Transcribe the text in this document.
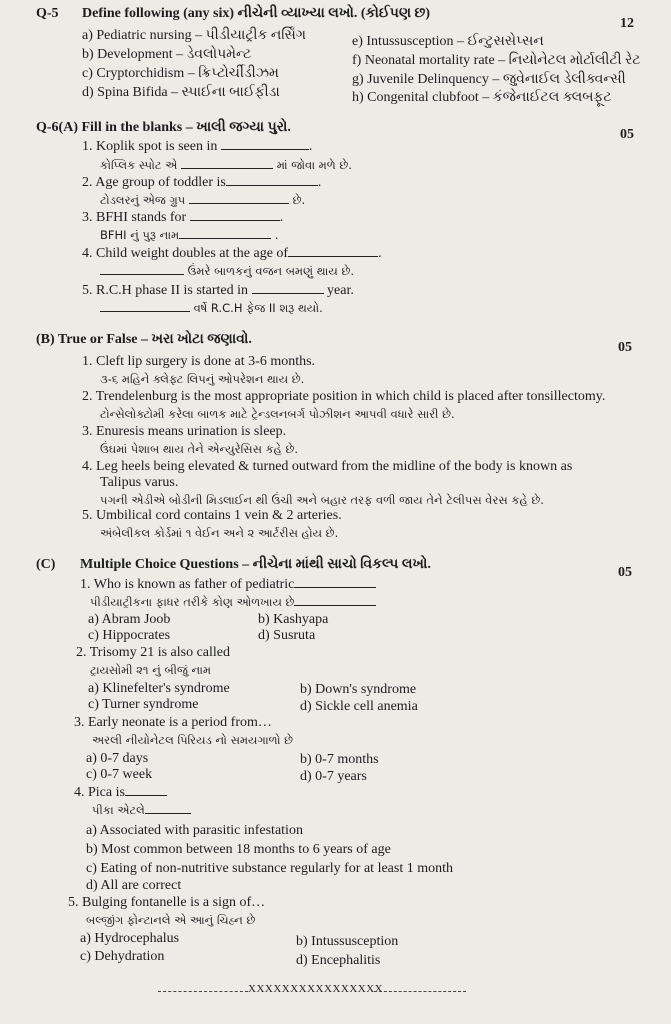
Q-5 Define following (any six) નીચેની વ્યાખ્યા લખો. (કોઈપણ છ)
12
a) Pediatric nursing – પીડીયાટ્રીક નર્સિંગ
b) Development – ડેવલોપમેન્ટ
c) Cryptorchidism – ક્રિપ્ટોર્ચીડીઝમ
d) Spina Bifida – સ્પાઈના બાઈફીડા
e) Intussusception – ઈન્ટુસસેપ્સન
f) Neonatal mortality rate – નિયોનેટલ મોર્ટાલીટી રેટ
g) Juvenile Delinquency – જુવેનાઈલ ડેલીક્વન્સી
h) Congenital clubfoot – કંજેનાઈટલ ક્લબફૂટ
Q-6(A) Fill in the blanks – ખાલી જગ્યા પુરો.	05
1. Koplik spot is seen in	.
કોપ્લિક સ્પોટ એ	માં જોવા મળે છે.
2. Age group of toddler is	.
ટોડલરનું એજ ગ્રુપ	છે.
3. BFHI stands for	.
BFHI નું પુરૂ નામ	.
4. Child weight doubles at the age of	.
ઉંમરે બાળકનું વજન બમણું થાય છે.
5. R.C.H phase II is started in	year.
વર્ષે R.C.H ફેજ II શરૂ થયો.
(B) True or False – ખરા ખોટા જણાવો.
05
1. Cleft lip surgery is done at 3-6 months.
૩-૬ મહિને ક્લેફ્ટ લિપનું ઓપરેશન થાય છે.
2. Trendelenburg is the most appropriate position in which child is placed after tonsillectomy.
ટોન્સેલોક્ટોમી કરેલા બાળક માટે ટ્રેન્ડલનબર્ગ પોઝીશન આપવી વધારે સારી છે.
3. Enuresis means urination is sleep.
ઉંઘમાં પેશાબ થાય તેને એન્યુરેસિસ કહે છે.
4. Leg heels being elevated & turned outward from the midline of the body is known as
Talipus varus.
પગની એડીએ બોડીની મિડલાઈન થી ઉંચી અને બહાર તરફ વળી જાય તેને ટેલીપસ વેરસ કહે છે.
5. Umbilical cord contains 1 vein & 2 arteries.
અંબેલીકલ કોર્ડમાં ૧ વેઈન અને ૨ આર્ટરીસ હોય છે.
(C) Multiple Choice Questions – નીચેના માંથી સાચો વિકલ્પ લખો.
05
1. Who is known as father of pediatric
પીડીયાટ્રીકના ફાધર તરીકે કોણ ઓળખાય છે
a) Abram Joob	b) Kashyapa
c) Hippocrates	d) Susruta
2. Trisomy 21 is also called
ટ્રાયસોમી ૨૧ નું બીજું નામ
a) Klinefelter's syndrome	b) Down's syndrome
c) Turner syndrome	d) Sickle cell anemia
3. Early neonate is a period from…
અરલી નીયોનેટલ પિરિયડ નો સમયગાળો છે
a) 0-7 days	b) 0-7 months
c) 0-7 week	d) 0-7 years
4. Pica is
પીકા એટલે
a) Associated with parasitic infestation
b) Most common between 18 months to 6 years of age
c) Eating of non-nutritive substance regularly for at least 1 month
d) All are correct
5. Bulging fontanelle is a sign of…
બલ્જીંગ ફોન્ટાનલે એ આનું ચિહ્ન છે
a) Hydrocephalus	b) Intussusception
c) Dehydration	d) Encephalitis
XXXXXXXXXXXXXXXX
